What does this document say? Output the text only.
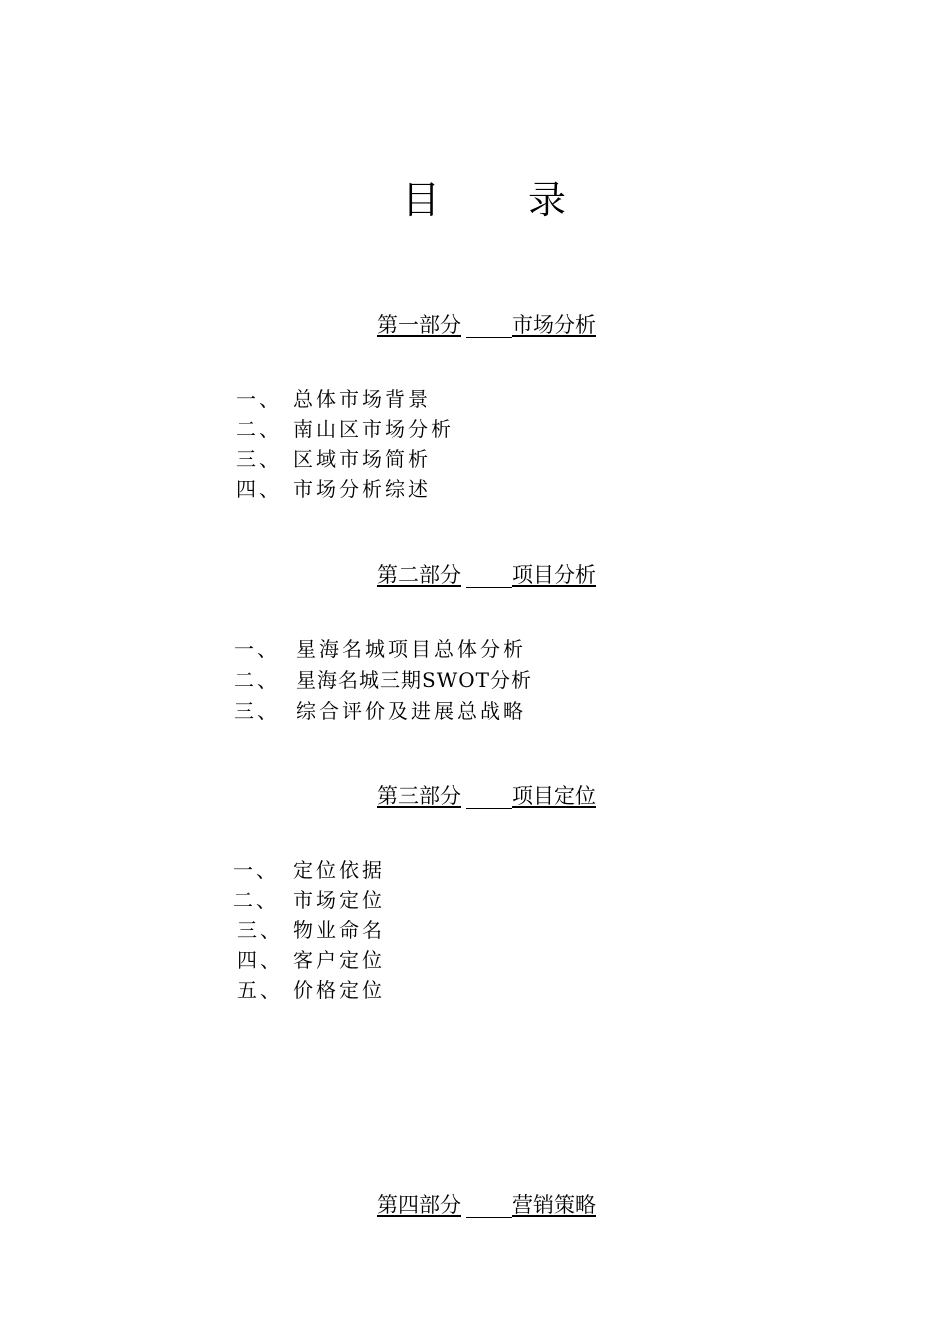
目 录
第一部分 市场分析
一、 总体市场背景
二、 南山区市场分析
三、 区域市场简析
四、 市场分析综述
第二部分 项目分析
一、 星海名城项目总体分析
二、 星海名城三期SWOT分析
三、 综合评价及进展总战略
第三部分 项目定位
一、 定位依据
二、 市场定位
三、 物业命名
四、 客户定位
五、 价格定位
第四部分 营销策略
